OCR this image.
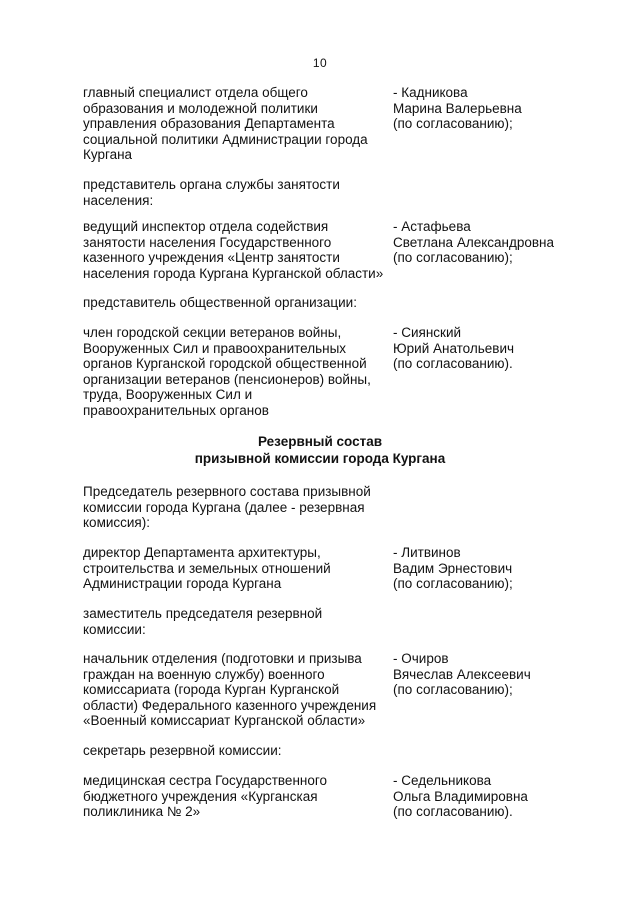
10

главный специалист отдела общего
образования и молодежной политики
управления образования Департамента
социальной политики Администрации города
Кургана

- Кадникова
Марина Валерьевна
(по согласованию);

представитель органа службы занятости
населения:

ведущий инспектор отдела содействия
занятости населения Государственного
казенного учреждения «Центр занятости
населения города Кургана Курганской области»

- Астафьева
Светлана Александровна
(по согласованию);

представитель общественной организации:

член городской секции ветеранов войны,
Вооруженных Сил и правоохранительных
органов Курганской городской общественной
организации ветеранов (пенсионеров) войны,
труда, Вооруженных Сил и
правоохранительных органов

- Сиянский
Юрий Анатольевич
(по согласованию).

Резервный состав
призывной комиссии города Кургана

Председатель резервного состава призывной
комиссии города Кургана (далее - резервная
комиссия):

директор Департамента архитектуры,
строительства и земельных отношений
Администрации города Кургана

- Литвинов
Вадим Эрнестович
(по согласованию);

заместитель председателя резервной
комиссии:

начальник отделения (подготовки и призыва
граждан на военную службу) военного
комиссариата (города Курган Курганской
области) Федерального казенного учреждения
«Военный комиссариат Курганской области»

- Очиров
Вячеслав Алексеевич
(по согласованию);

секретарь резервной комиссии:

медицинская сестра Государственного
бюджетного учреждения «Курганская
поликлиника № 2»

- Седельникова
Ольга Владимировна
(по согласованию).
